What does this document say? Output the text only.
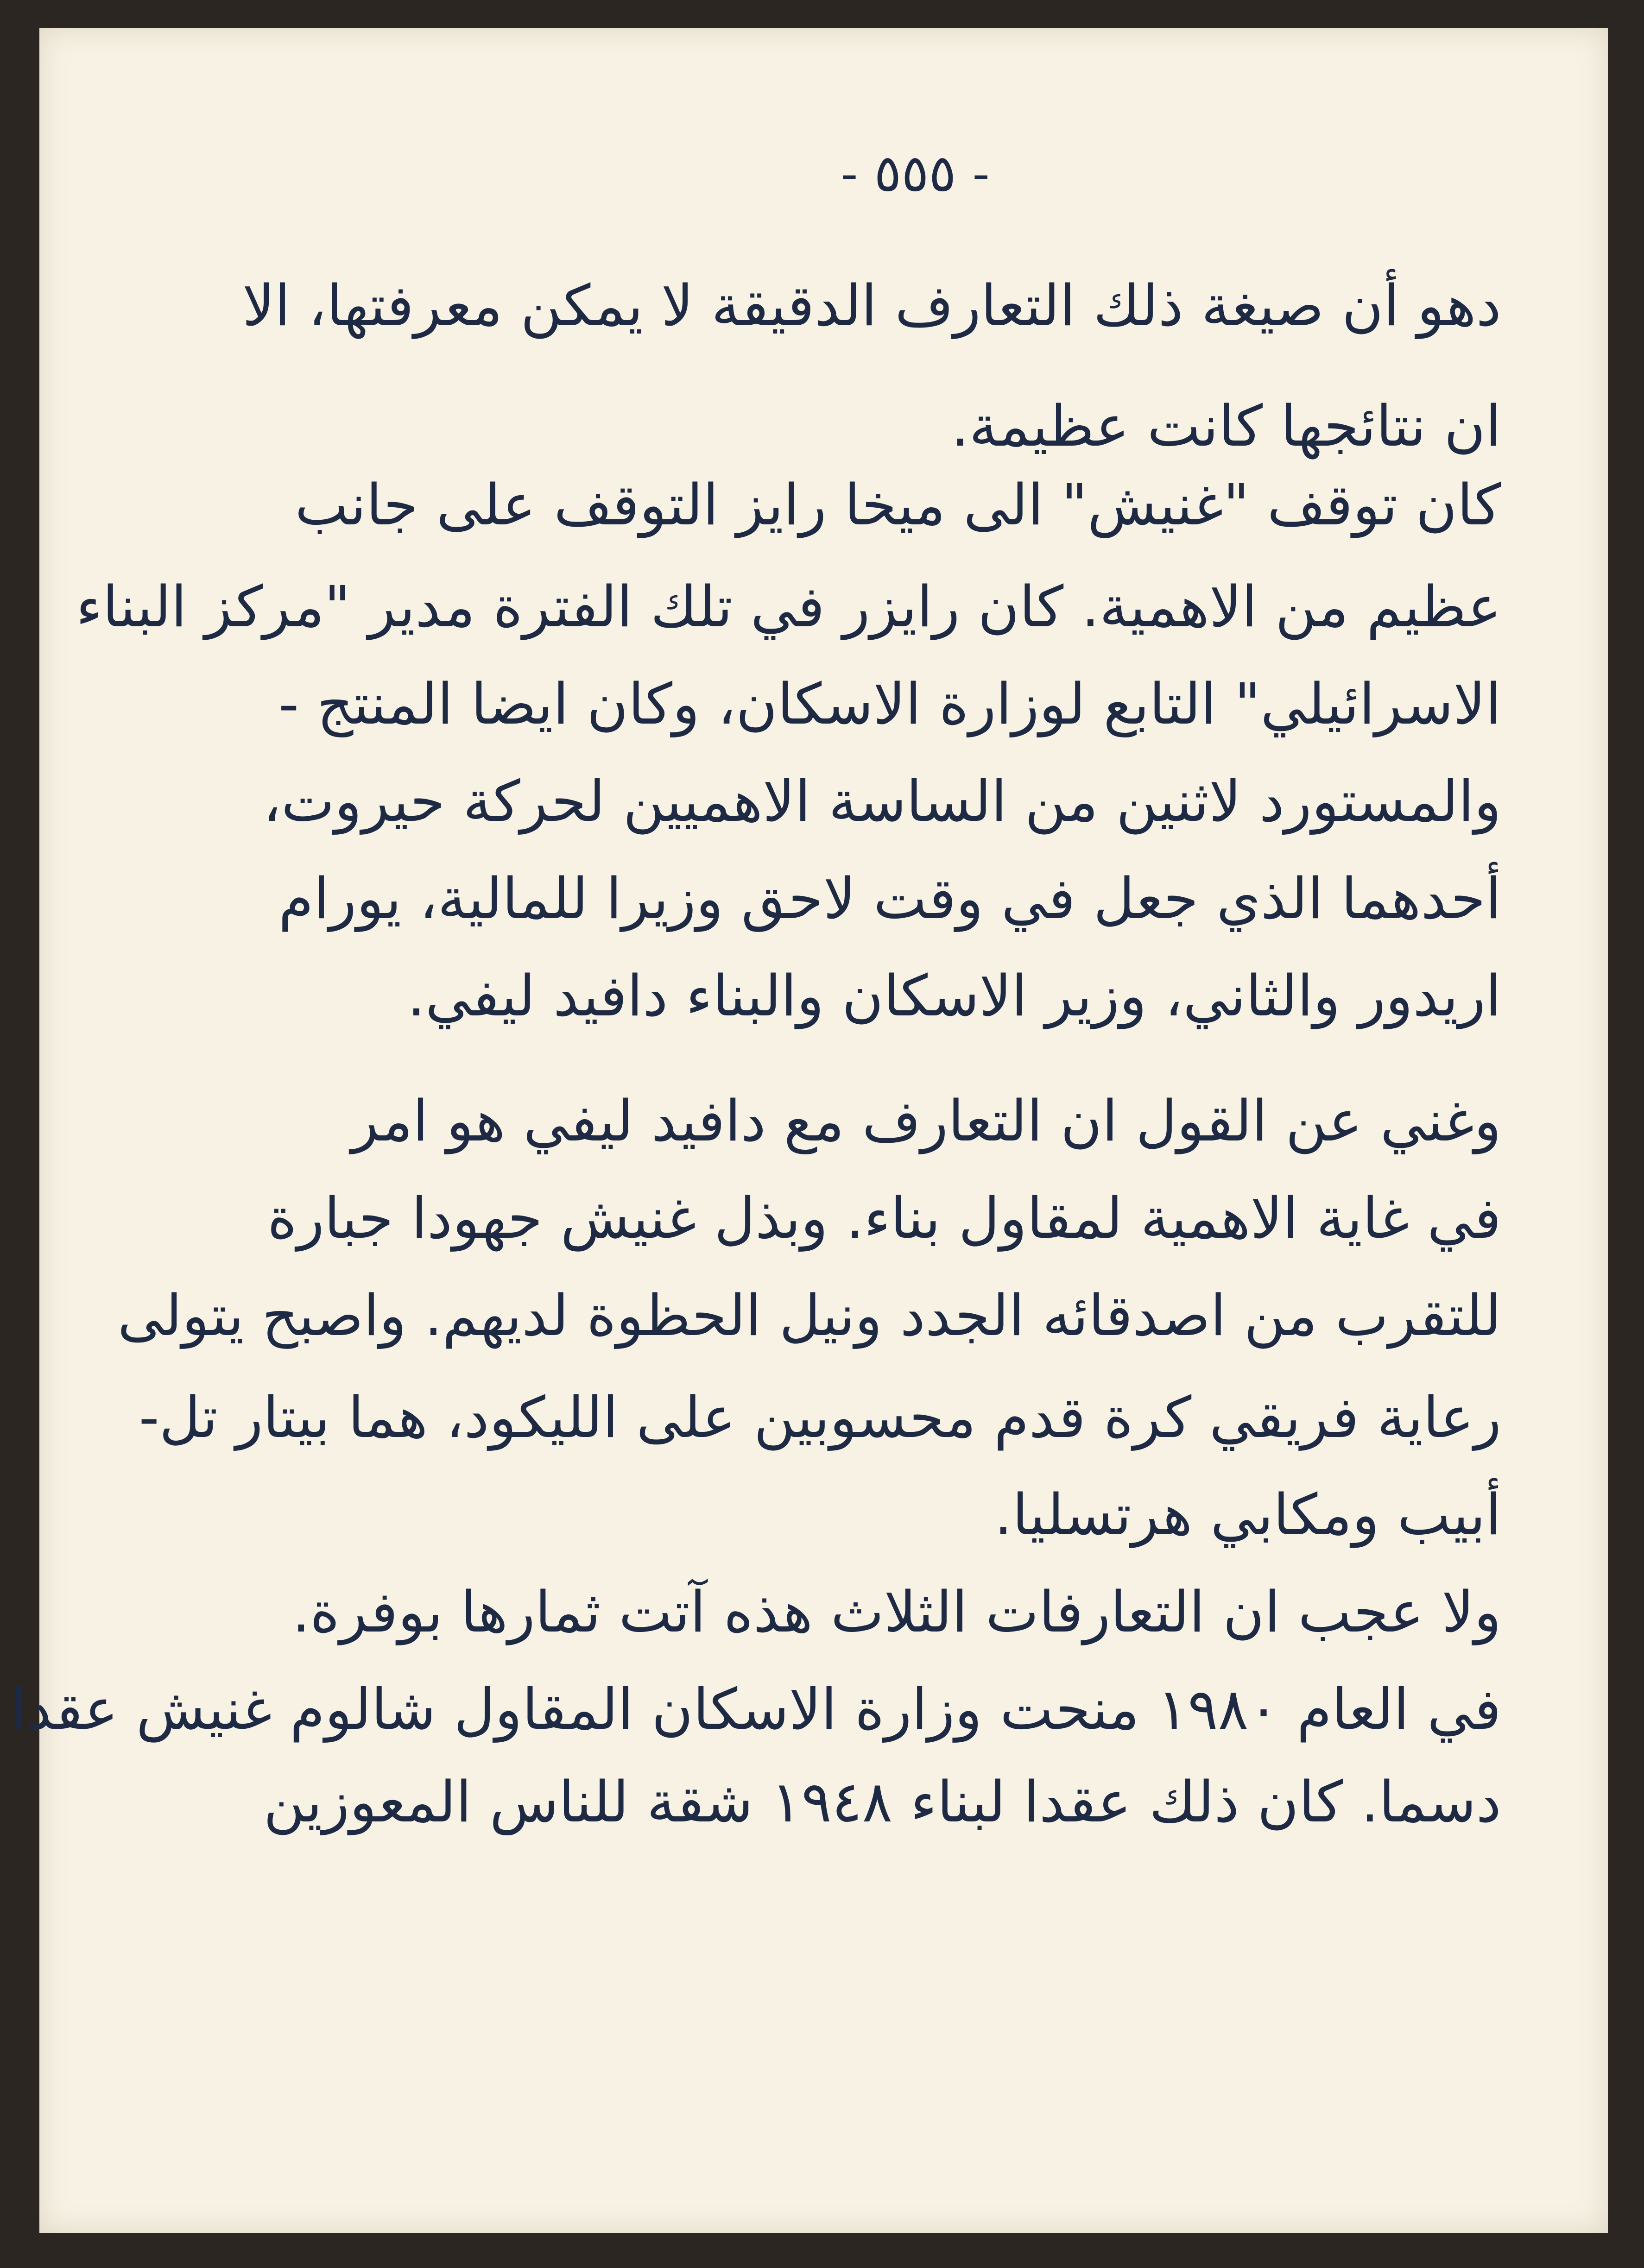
- ٥٥٥ -
دهو أن صيغة ذلك التعارف الدقيقة لا يمكن معرفتها، الا
ان نتائجها كانت عظيمة.
كان توقف "غنيش" الى ميخا رايز التوقف على جانب
عظيم من الاهمية. كان رايزر في تلك الفترة مدير "مركز البناء
الاسرائيلي" التابع لوزارة الاسكان، وكان ايضا المنتج -
والمستورد لاثنين من الساسة الاهميين لحركة حيروت،
أحدهما الذي جعل في وقت لاحق وزيرا للمالية، يورام
اريدور والثاني، وزير الاسكان والبناء دافيد ليفي.
وغني عن القول ان التعارف مع دافيد ليفي هو امر
في غاية الاهمية لمقاول بناء. وبذل غنيش جهودا جبارة
للتقرب من اصدقائه الجدد ونيل الحظوة لديهم. واصبح يتولى
رعاية فريقي كرة قدم محسوبين على الليكود، هما بيتار تل-
أبيب ومكابي هرتسليا.
ولا عجب ان التعارفات الثلاث هذه آتت ثمارها بوفرة.
في العام ١٩٨٠ منحت وزارة الاسكان المقاول شالوم غنيش عقدا
دسما. كان ذلك عقدا لبناء ١٩٤٨ شقة للناس المعوزين
